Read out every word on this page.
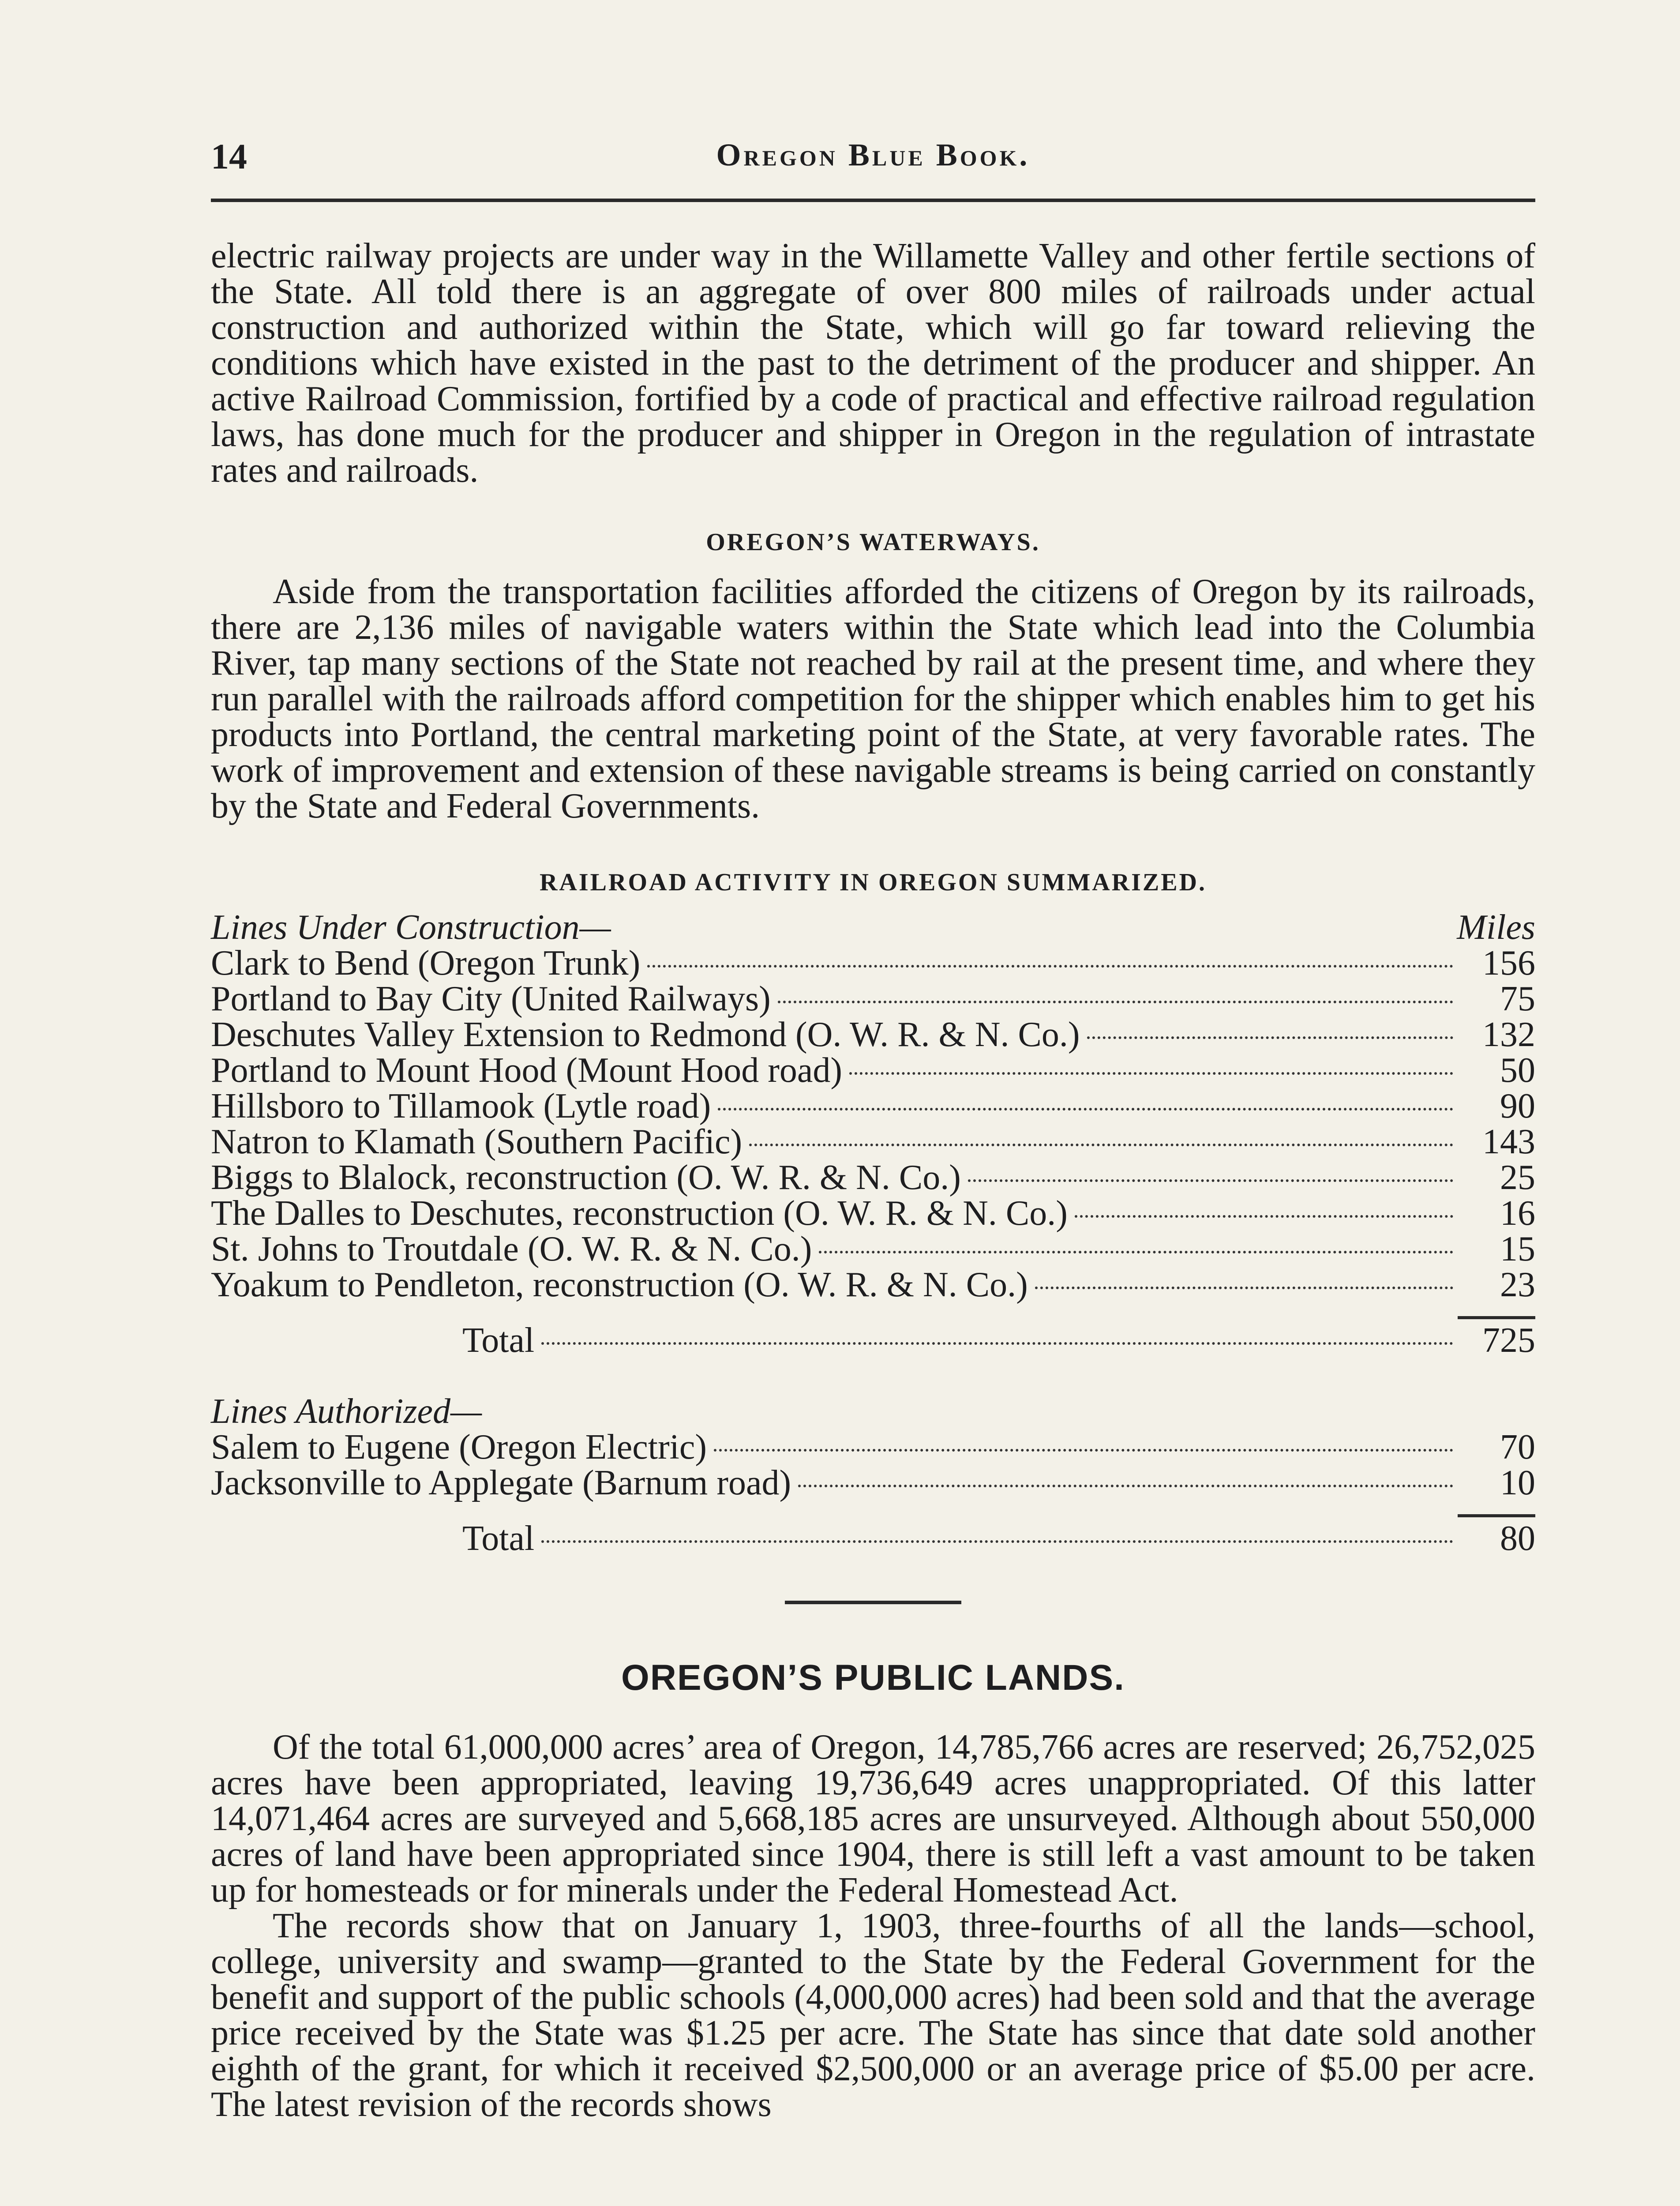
14	Oregon Blue Book.

electric railway projects are under way in the Willamette Valley and other fertile sections of the State. All told there is an aggregate of over 800 miles of railroads under actual construction and authorized within the State, which will go far toward relieving the conditions which have existed in the past to the detriment of the producer and shipper. An active Railroad Commission, fortified by a code of practical and effective railroad regulation laws, has done much for the producer and shipper in Oregon in the regulation of intrastate rates and railroads.

OREGON’S WATERWAYS.

Aside from the transportation facilities afforded the citizens of Oregon by its railroads, there are 2,136 miles of navigable waters within the State which lead into the Columbia River, tap many sections of the State not reached by rail at the present time, and where they run parallel with the railroads afford competition for the shipper which enables him to get his products into Portland, the central marketing point of the State, at very favorable rates. The work of improvement and extension of these navigable streams is being carried on constantly by the State and Federal Governments.

RAILROAD ACTIVITY IN OREGON SUMMARIZED.

Lines Under Construction—	Miles
Clark to Bend (Oregon Trunk)	156
Portland to Bay City (United Railways)	75
Deschutes Valley Extension to Redmond (O. W. R. & N. Co.)	132
Portland to Mount Hood (Mount Hood road)	50
Hillsboro to Tillamook (Lytle road)	90
Natron to Klamath (Southern Pacific)	143
Biggs to Blalock, reconstruction (O. W. R. & N. Co.)	25
The Dalles to Deschutes, reconstruction (O. W. R. & N. Co.)	16
St. Johns to Troutdale (O. W. R. & N. Co.)	15
Yoakum to Pendleton, reconstruction (O. W. R. & N. Co.)	23
Total	725
Lines Authorized—
Salem to Eugene (Oregon Electric)	70
Jacksonville to Applegate (Barnum road)	10
Total	80

OREGON’S PUBLIC LANDS.

Of the total 61,000,000 acres’ area of Oregon, 14,785,766 acres are reserved; 26,752,025 acres have been appropriated, leaving 19,736,649 acres unappropriated. Of this latter 14,071,464 acres are surveyed and 5,668,185 acres are unsurveyed. Although about 550,000 acres of land have been appropriated since 1904, there is still left a vast amount to be taken up for homesteads or for minerals under the Federal Homestead Act.

The records show that on January 1, 1903, three-fourths of all the lands—school, college, university and swamp—granted to the State by the Federal Government for the benefit and support of the public schools (4,000,000 acres) had been sold and that the average price received by the State was $1.25 per acre. The State has since that date sold another eighth of the grant, for which it received $2,500,000 or an average price of $5.00 per acre. The latest revision of the records shows
